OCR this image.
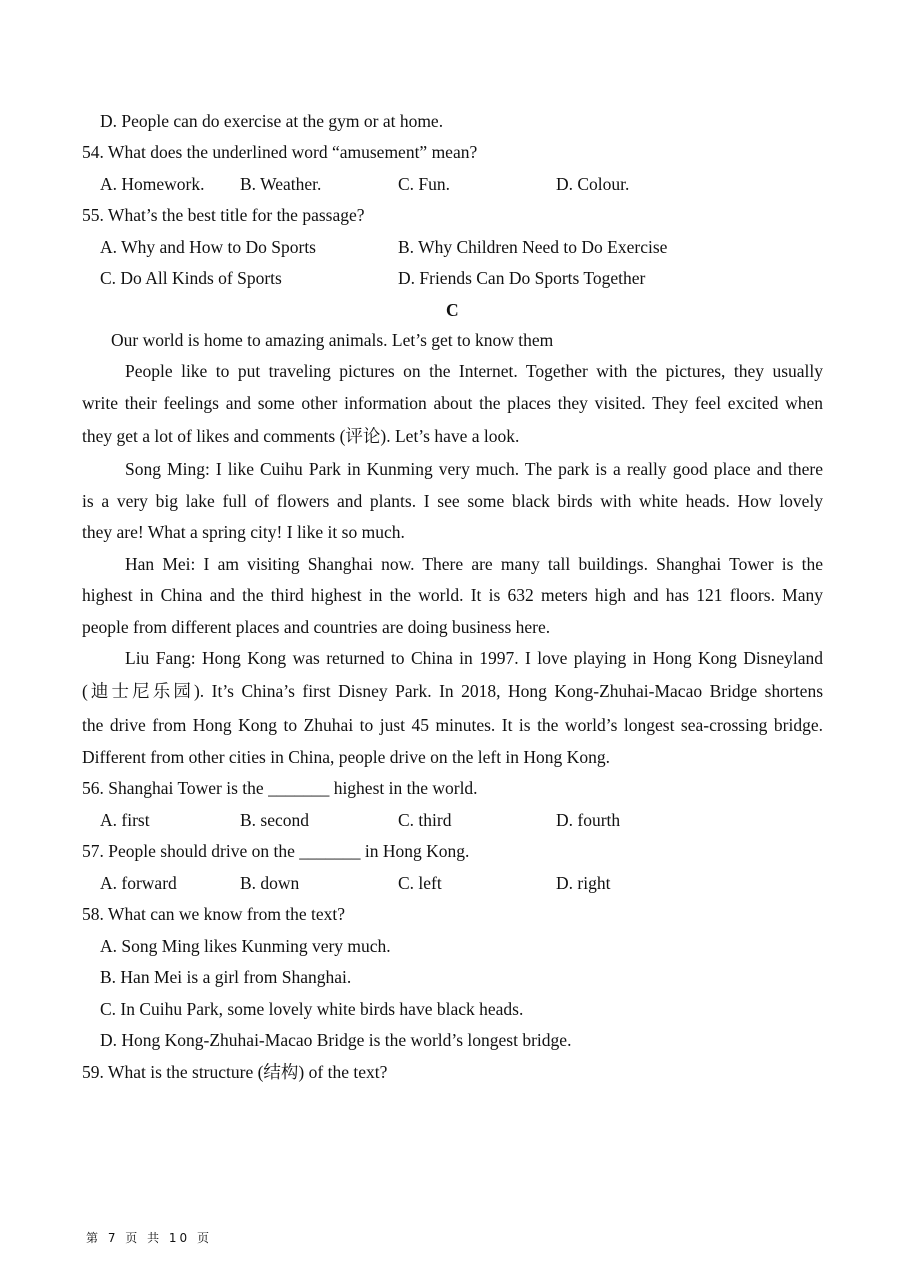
D. People can do exercise at the gym or at home.
54. What does the underlined word “amusement” mean?
A. Homework. B. Weather.	C. Fun.	D. Colour.
55. What’s the best title for the passage?
A. Why and How to Do Sports	B. Why Children Need to Do Exercise
C. Do All Kinds of Sports	D. Friends Can Do Sports Together
C
Our world is home to amazing animals. Let’s get to know them
People like to put traveling pictures on the Internet. Together with the pictures, they usually
write their feelings and some other information about the places they visited. They feel excited when
they get a lot of likes and comments (评论). Let’s have a look.
Song Ming: I like Cuihu Park in Kunming very much. The park is a really good place and there
is a very big lake full of flowers and plants. I see some black birds with white heads. How lovely
they are! What a spring city! I like it so much.
Han Mei: I am visiting Shanghai now. There are many tall buildings. Shanghai Tower is the
highest in China and the third highest in the world. It is 632 meters high and has 121 floors. Many
people from different places and countries are doing business here.
Liu Fang: Hong Kong was returned to China in 1997. I love playing in Hong Kong Disneyland
(迪士尼乐园). It’s China’s first Disney Park. In 2018, Hong Kong-Zhuhai-Macao Bridge shortens
the drive from Hong Kong to Zhuhai to just 45 minutes. It is the world’s longest sea-crossing bridge.
Different from other cities in China, people drive on the left in Hong Kong.
56. Shanghai Tower is the _______ highest in the world.
A. first	B. second	C. third	D. fourth
57. People should drive on the _______ in Hong Kong.
A. forward	B. down	C. left	D. right
58. What can we know from the text?
A. Song Ming likes Kunming very much.
B. Han Mei is a girl from Shanghai.
C. In Cuihu Park, some lovely white birds have black heads.
D. Hong Kong-Zhuhai-Macao Bridge is the world’s longest bridge.
59. What is the structure (结构) of the text?
第 7 页 共 10 页
